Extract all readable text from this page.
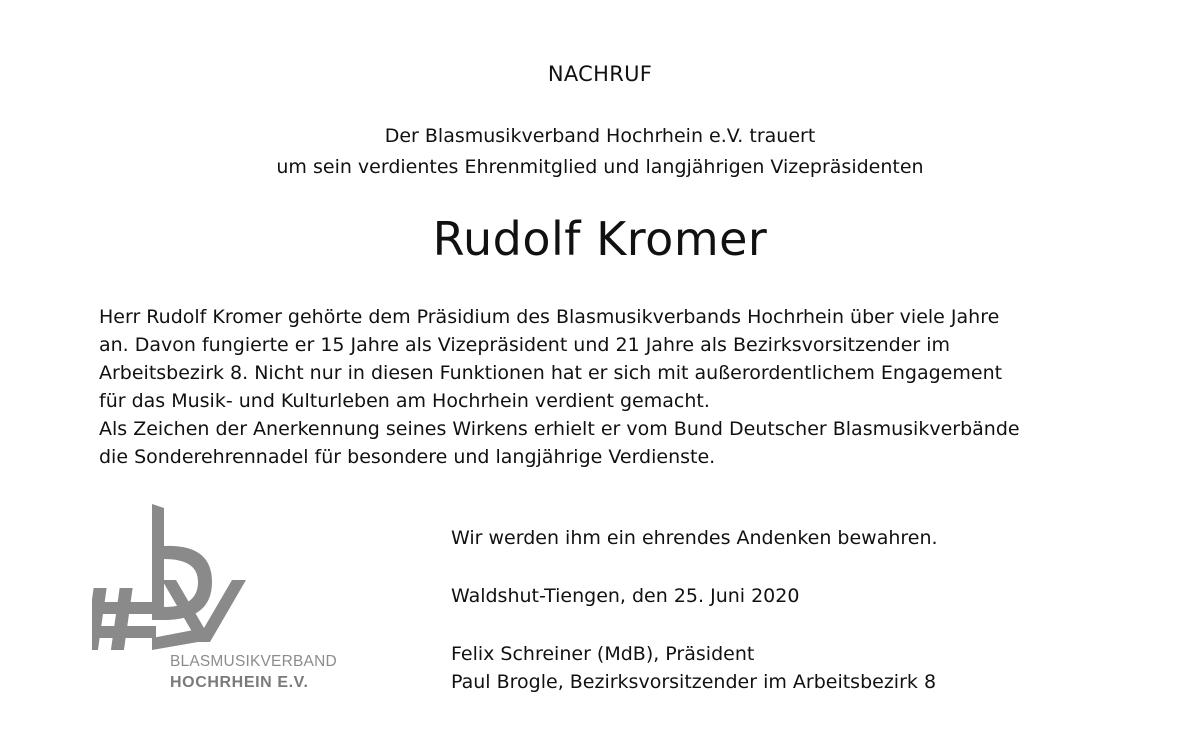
NACHRUF
Der Blasmusikverband Hochrhein e.V. trauert
um sein verdientes Ehrenmitglied und langjährigen Vizepräsidenten
Rudolf Kromer
Herr Rudolf Kromer gehörte dem Präsidium des Blasmusikverbands Hochrhein über viele Jahre
an. Davon fungierte er 15 Jahre als Vizepräsident und 21 Jahre als Bezirksvorsitzender im
Arbeitsbezirk 8. Nicht nur in diesen Funktionen hat er sich mit außerordentlichem Engagement
für das Musik- und Kulturleben am Hochrhein verdient gemacht.
Als Zeichen der Anerkennung seines Wirkens erhielt er vom Bund Deutscher Blasmusikverbände
die Sonderehrennadel für besondere und langjährige Verdienste.
BLASMUSIKVERBAND
HOCHRHEIN E.V.
Wir werden ihm ein ehrendes Andenken bewahren.
Waldshut-Tiengen, den 25. Juni 2020
Felix Schreiner (MdB), Präsident
Paul Brogle, Bezirksvorsitzender im Arbeitsbezirk 8
